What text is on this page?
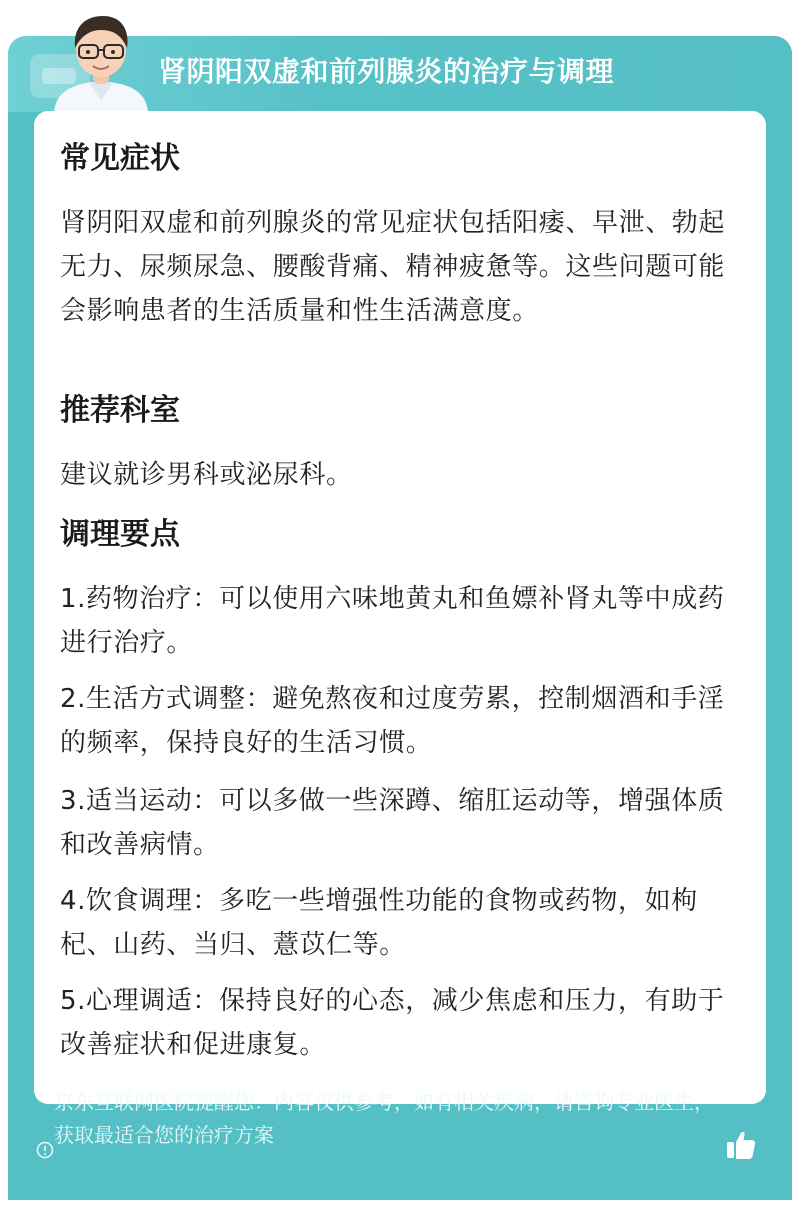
肾阴阳双虚和前列腺炎的治疗与调理
常见症状
肾阴阳双虚和前列腺炎的常见症状包括阳痿、早泄、勃起无力、尿频尿急、腰酸背痛、精神疲惫等。这些问题可能会影响患者的生活质量和性生活满意度。
推荐科室
建议就诊男科或泌尿科。
调理要点
1.药物治疗：可以使用六味地黄丸和鱼嫖补肾丸等中成药进行治疗。
2.生活方式调整：避免熬夜和过度劳累，控制烟酒和手淫的频率，保持良好的生活习惯。
3.适当运动：可以多做一些深蹲、缩肛运动等，增强体质和改善病情。
4.饮食调理：多吃一些增强性功能的食物或药物，如枸杞、山药、当归、薏苡仁等。
5.心理调适：保持良好的心态，减少焦虑和压力，有助于改善症状和促进康复。
京东互联网医院提醒您：内容仅供参考，如有相关疾病，请咨询专业医生，获取最适合您的治疗方案
